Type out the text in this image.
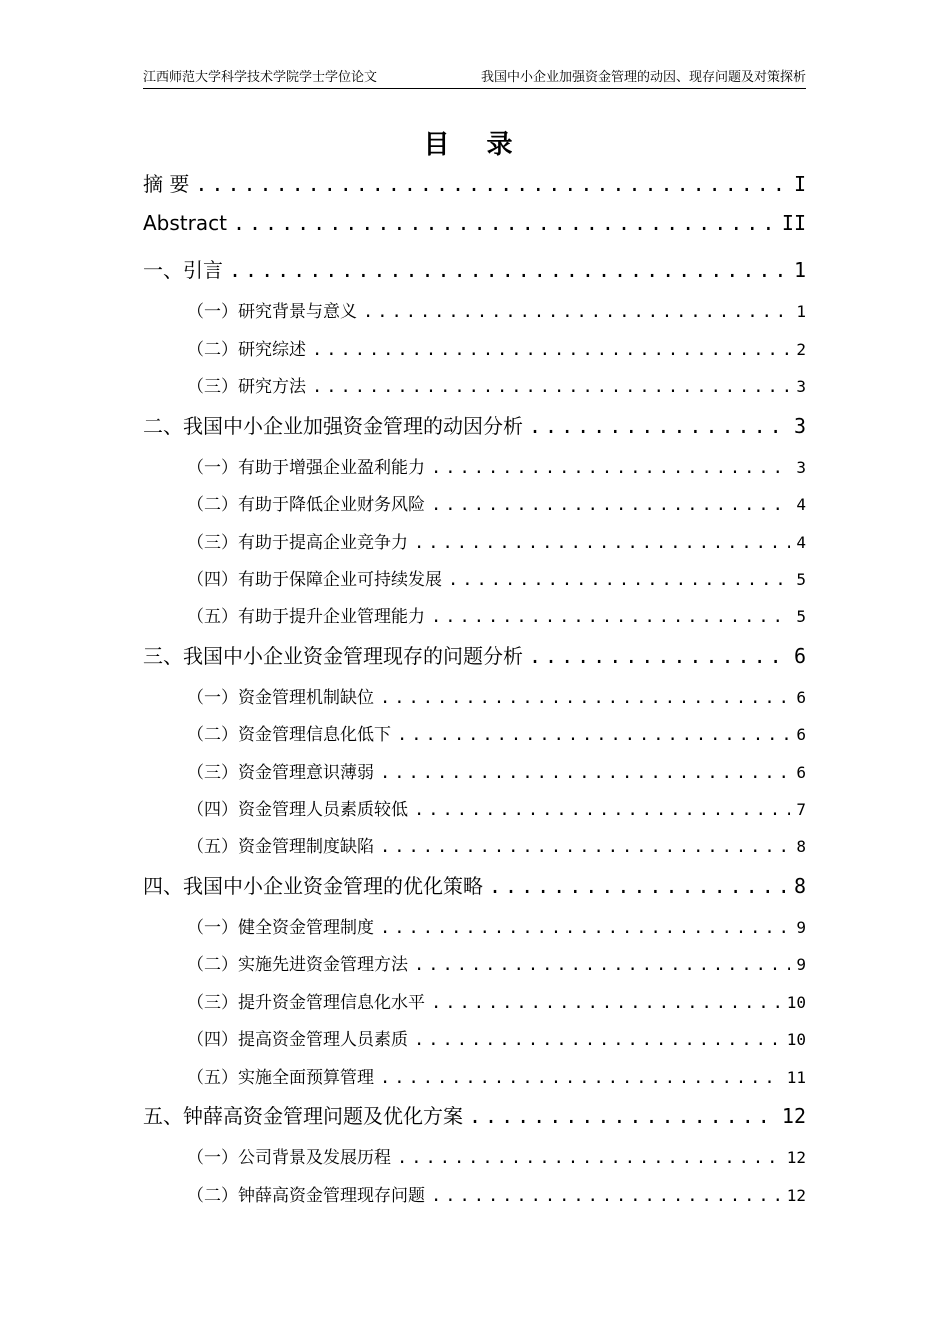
江西师范大学科学技术学院学士学位论文	我国中小企业加强资金管理的动因、现存问题及对策探析
目 录
摘 要 .....	I
Abstract .....	II
一、引言 .....	1
（一）研究背景与意义 .....	1
（二）研究综述 .....	2
（三）研究方法 .....	3
二、我国中小企业加强资金管理的动因分析 .....	3
（一）有助于增强企业盈利能力 .....	3
（二）有助于降低企业财务风险 .....	4
（三）有助于提高企业竞争力 .....	4
（四）有助于保障企业可持续发展 .....	5
（五）有助于提升企业管理能力 .....	5
三、我国中小企业资金管理现存的问题分析 .....	6
（一）资金管理机制缺位 .....	6
（二）资金管理信息化低下 .....	6
（三）资金管理意识薄弱 .....	6
（四）资金管理人员素质较低 .....	7
（五）资金管理制度缺陷 .....	8
四、我国中小企业资金管理的优化策略 .....	8
（一）健全资金管理制度 .....	9
（二）实施先进资金管理方法 .....	9
（三）提升资金管理信息化水平 .....	10
（四）提高资金管理人员素质 .....	10
（五）实施全面预算管理 .....	11
五、钟薛高资金管理问题及优化方案 .....	12
（一）公司背景及发展历程 .....	12
（二）钟薛高资金管理现存问题 .....	12
